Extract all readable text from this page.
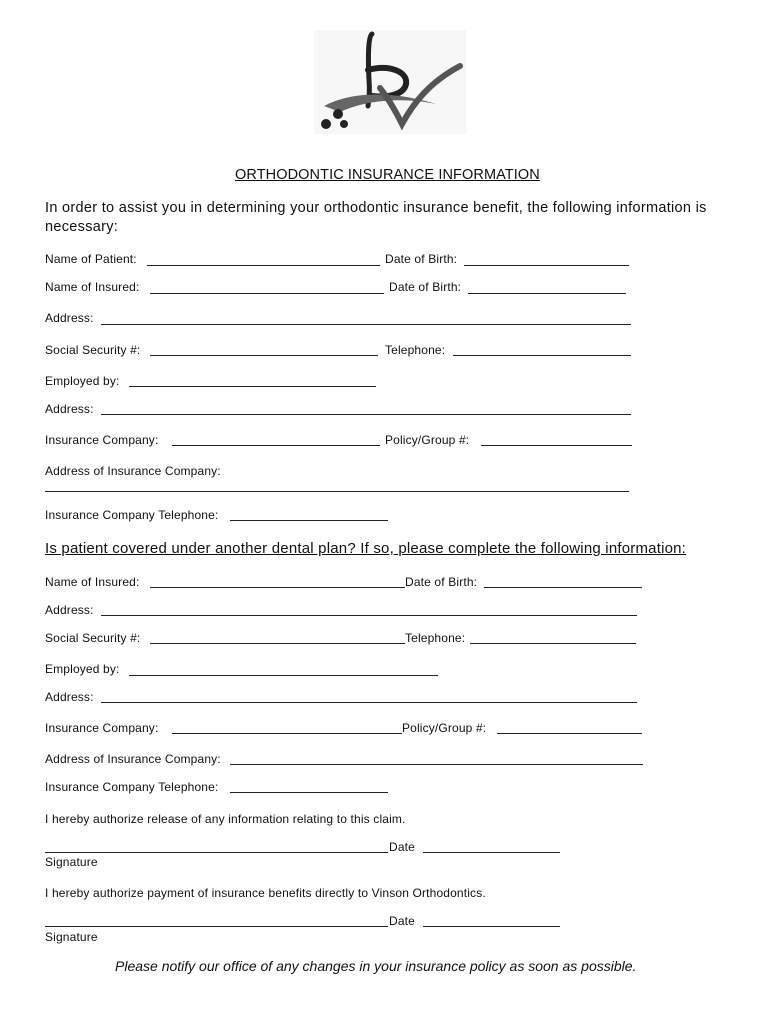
ORTHODONTIC INSURANCE INFORMATION
In order to assist you in determining your orthodontic insurance benefit, the following information is necessary:
Name of Patient:	Date of Birth:
Name of Insured:	Date of Birth:
Address:
Social Security #:	Telephone:
Employed by:
Address:
Insurance Company:	Policy/Group #:
Address of Insurance Company:
Insurance Company Telephone:
Is patient covered under another dental plan? If so, please complete the following information:
Name of Insured:	Date of Birth:
Address:
Social Security #:	Telephone:
Employed by:
Address:
Insurance Company:	Policy/Group #:
Address of Insurance Company:
Insurance Company Telephone:
I hereby authorize release of any information relating to this claim.
Date
Signature
I hereby authorize payment of insurance benefits directly to Vinson Orthodontics.
Date
Signature
Please notify our office of any changes in your insurance policy as soon as possible.
